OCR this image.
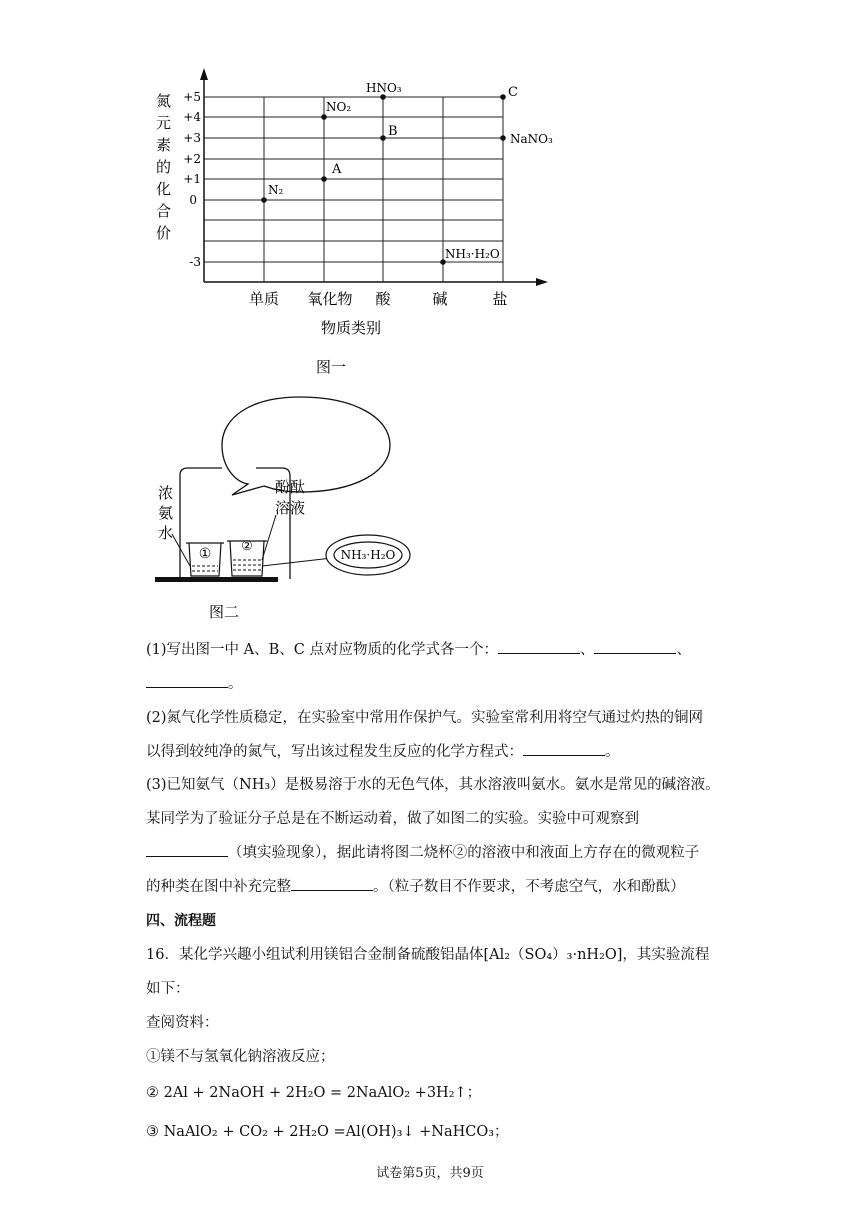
氮
元
素
的
化
合
价
+5
+4
+3
+2
+1
0
-3
单质 氧化物 酸	碱	盐
物质类别
N₂
NO₂
A
HNO₃
B
C
NaNO₃
NH₃·H₂O
图一
浓
氨
水
酚酞
溶液
① ②
NH₃·H₂O
图二
(1)写出图一中 A、B、C 点对应物质的化学式各一个：	、	、
。
(2)氮气化学性质稳定，在实验室中常用作保护气。实验室常利用将空气通过灼热的铜网
以得到较纯净的氮气，写出该过程发生反应的化学方程式：	。
(3)已知氨气（NH₃）是极易溶于水的无色气体，其水溶液叫氨水。氨水是常见的碱溶液。
某同学为了验证分子总是在不断运动着，做了如图二的实验。实验中可观察到
（填实验现象），据此请将图二烧杯②的溶液中和液面上方存在的微观粒子
的种类在图中补充完整	。（粒子数目不作要求，不考虑空气，水和酚酞）
四、流程题
16．某化学兴趣小组试利用镁铝合金制备硫酸铝晶体[Al₂（SO₄）₃·nH₂O]，其实验流程
如下：
查阅资料：
①镁不与氢氧化钠溶液反应；
② 2Al + 2NaOH + 2H₂O = 2NaAlO₂ +3H₂↑；
③ NaAlO₂ + CO₂ + 2H₂O =Al(OH)₃↓ +NaHCO₃；
试卷第5页，共9页
